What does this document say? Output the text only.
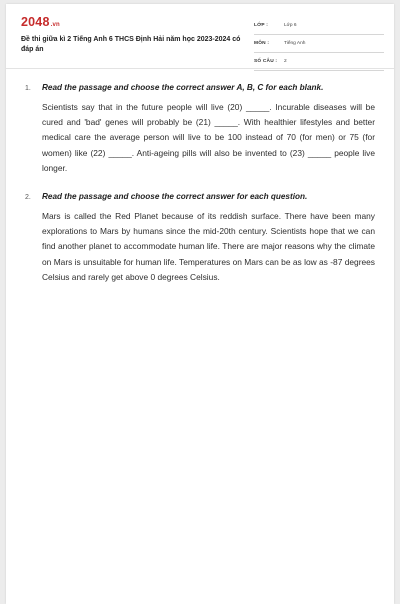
2048.vn
Đề thi giữa kì 2 Tiếng Anh 6 THCS Định Hải năm học 2023-2024 có đáp án
LỚP :	Lớp 6
MÔN :	Tiếng Anh
SỐ CÂU :	2
1.	Read the passage and choose the correct answer A, B, C for each blank.
Scientists say that in the future people will live (20) _____. Incurable diseases will be cured and 'bad' genes will probably be (21) _____. With healthier lifestyles and better medical care the average person will live to be 100 instead of 70 (for men) or 75 (for women) like (22) _____. Anti-ageing pills will also be invented to (23) _____ people live longer.
2.	Read the passage and choose the correct answer for each question.
Mars is called the Red Planet because of its reddish surface. There have been many explorations to Mars by humans since the mid-20th century. Scientists hope that we can find another planet to accommodate human life. There are major reasons why the climate on Mars is unsuitable for human life. Temperatures on Mars can be as low as -87 degrees Celsius and rarely get above 0 degrees Celsius.
